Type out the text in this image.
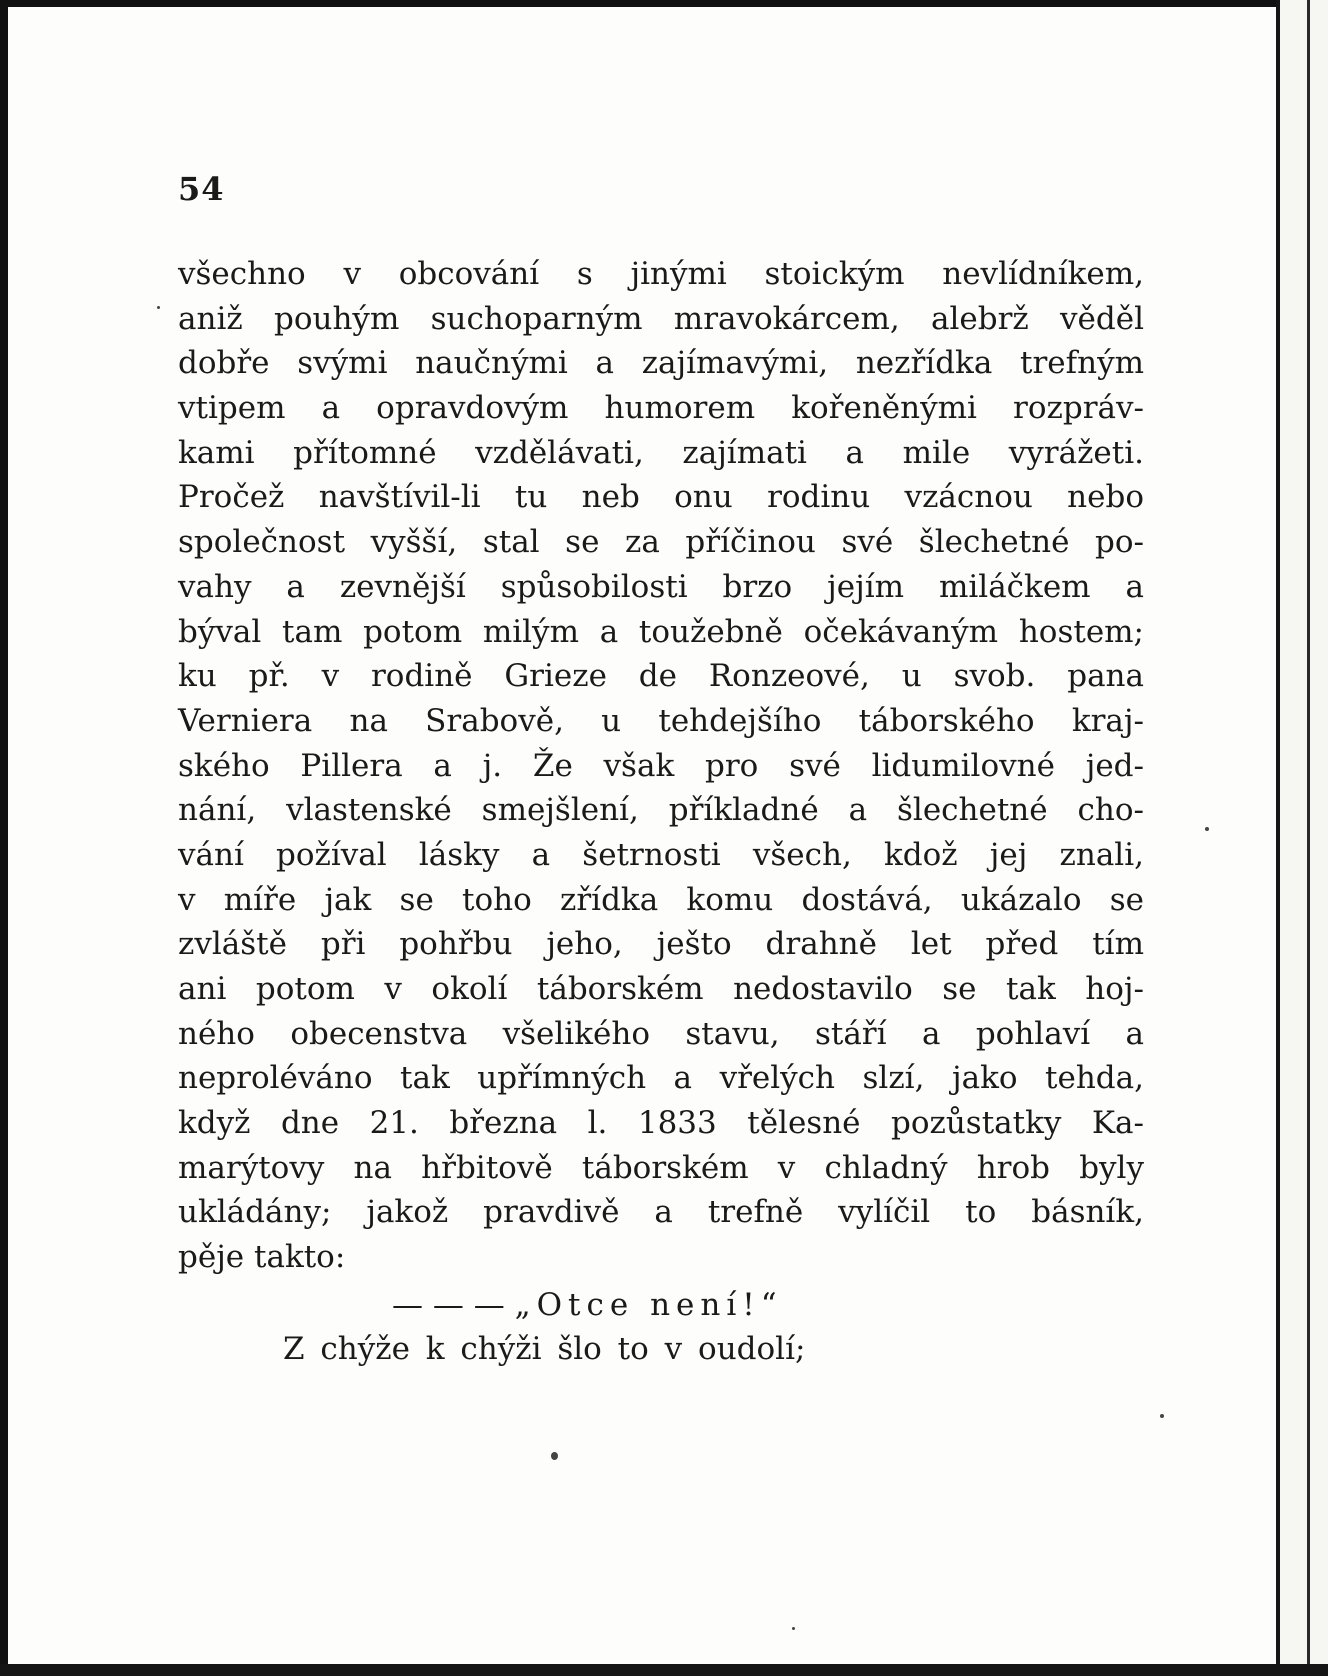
54
všechno v obcování s jinými stoickým nevlídníkem,
aniž pouhým suchoparným mravokárcem, alebrž věděl
dobře svými naučnými a zajímavými, nezřídka trefným
vtipem a opravdovým humorem kořeněnými rozpráv-
kami přítomné vzdělávati, zajímati a mile vyrážeti.
Pročež navštívil-li tu neb onu rodinu vzácnou nebo
společnost vyšší, stal se za příčinou své šlechetné po-
vahy a zevnější spůsobilosti brzo jejím miláčkem a
býval tam potom milým a toužebně očekávaným hostem;
ku př. v rodině Grieze de Ronzeové, u svob. pana
Verniera na Srabově, u tehdejšího táborského kraj-
ského Pillera a j. Že však pro své lidumilovné jed-
nání, vlastenské smejšlení, příkladné a šlechetné cho-
vání požíval lásky a šetrnosti všech, kdož jej znali,
v míře jak se toho zřídka komu dostává, ukázalo se
zvláště při pohřbu jeho, ješto drahně let před tím
ani potom v okolí táborském nedostavilo se tak hoj-
ného obecenstva všelikého stavu, stáří a pohlaví a
neproléváno tak upřímných a vřelých slzí, jako tehda,
když dne 21. března l. 1833 tělesné pozůstatky Ka-
marýtovy na hřbitově táborském v chladný hrob byly
ukládány; jakož pravdivě a trefně vylíčil to básník,
pěje takto:
— — — „Otce není!“
Z chýže k chýži šlo to v oudolí;
